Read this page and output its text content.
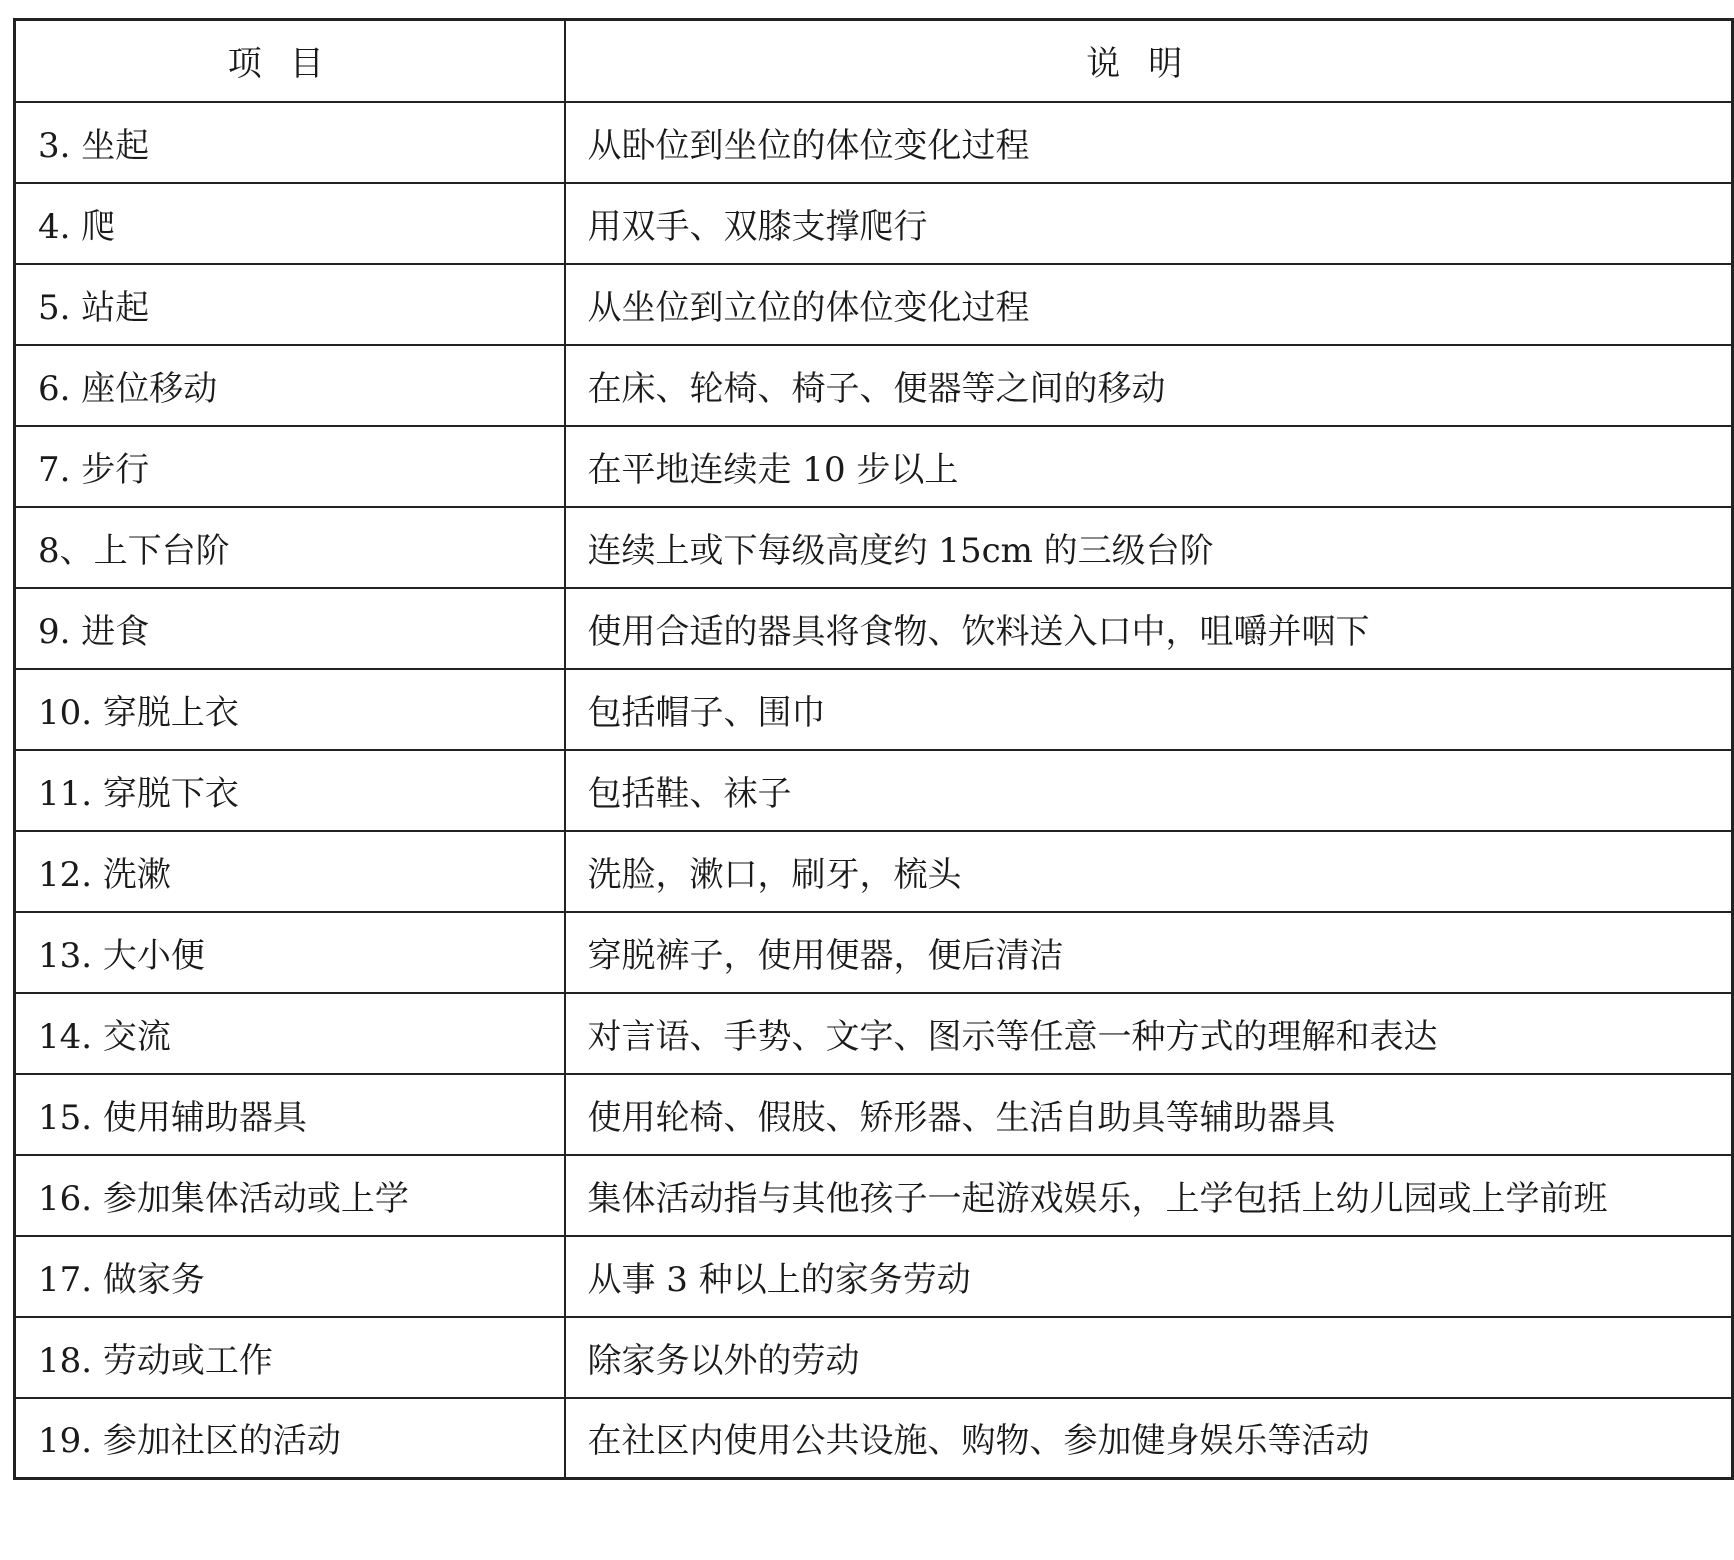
项目	说明
3. 坐起	从卧位到坐位的体位变化过程
4. 爬	用双手、双膝支撑爬行
5. 站起	从坐位到立位的体位变化过程
6. 座位移动	在床、轮椅、椅子、便器等之间的移动
7. 步行	在平地连续走 10 步以上
8、上下台阶	连续上或下每级高度约 15cm 的三级台阶
9. 进食	使用合适的器具将食物、饮料送入口中，咀嚼并咽下
10. 穿脱上衣	包括帽子、围巾
11. 穿脱下衣	包括鞋、袜子
12. 洗漱	洗脸，漱口，刷牙，梳头
13. 大小便	穿脱裤子，使用便器，便后清洁
14. 交流	对言语、手势、文字、图示等任意一种方式的理解和表达
15. 使用辅助器具	使用轮椅、假肢、矫形器、生活自助具等辅助器具
16. 参加集体活动或上学	集体活动指与其他孩子一起游戏娱乐，上学包括上幼儿园或上学前班
17. 做家务	从事 3 种以上的家务劳动
18. 劳动或工作	除家务以外的劳动
19. 参加社区的活动	在社区内使用公共设施、购物、参加健身娱乐等活动
